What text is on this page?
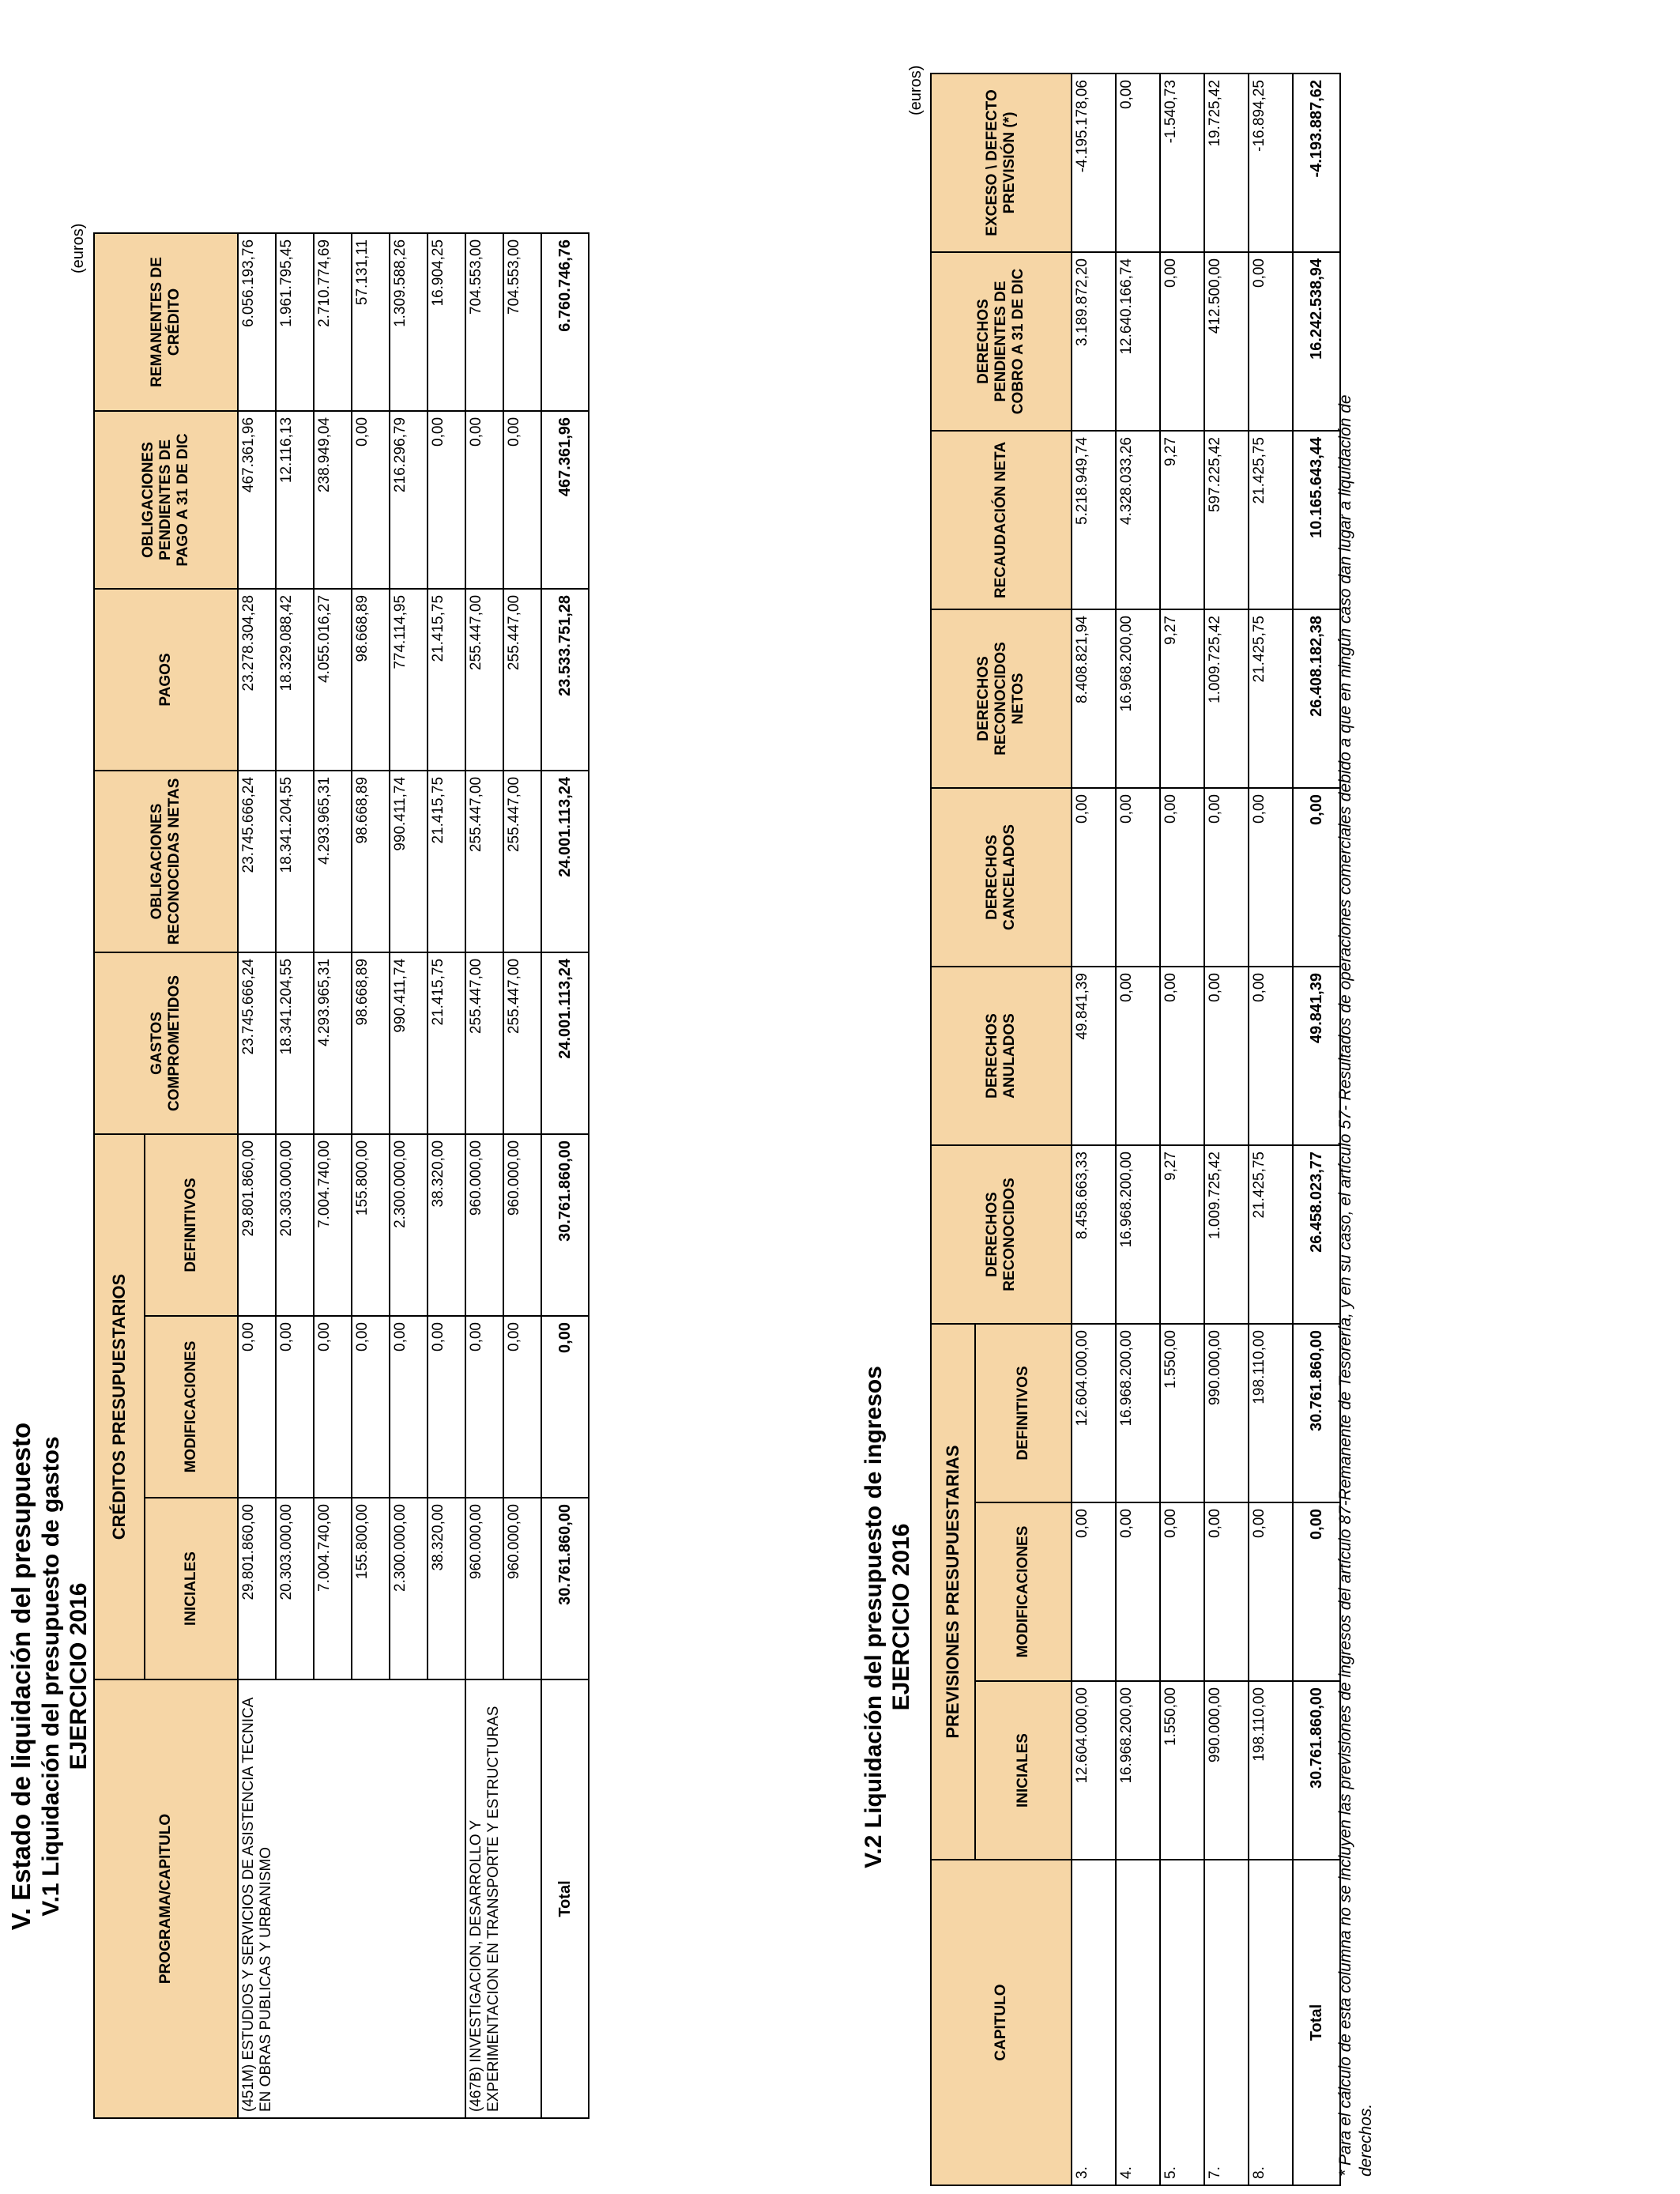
V. Estado de liquidación del presupuesto V.1 Liquidación del presupuesto de gastos EJERCICIO 2016
(euros)
PROGRAMA/CAPITULO	CRÉDITOS PRESUPUESTARIOS			GASTOS COMPROMETIDOS	OBLIGACIONES RECONOCIDAS NETAS	PAGOS	OBLIGACIONES PENDIENTES DE PAGO A 31 DE DIC	REMANENTES DE CRÉDITO
	INICIALES	MODIFICACIONES	DEFINITIVOS					
(451M) ESTUDIOS Y SERVICIOS DE ASISTENCIA TECNICA EN OBRAS PUBLICAS Y URBANISMO	29.801.860,00	0,00	29.801.860,00	23.745.666,24	23.745.666,24	23.278.304,28	467.361,96	6.056.193,76
	20.303.000,00	0,00	20.303.000,00	18.341.204,55	18.341.204,55	18.329.088,42	12.116,13	1.961.795,45
	7.004.740,00	0,00	7.004.740,00	4.293.965,31	4.293.965,31	4.055.016,27	238.949,04	2.710.774,69
	155.800,00	0,00	155.800,00	98.668,89	98.668,89	98.668,89	0,00	57.131,11
	2.300.000,00	0,00	2.300.000,00	990.411,74	990.411,74	774.114,95	216.296,79	1.309.588,26
	38.320,00	0,00	38.320,00	21.415,75	21.415,75	21.415,75	0,00	16.904,25
(467B) INVESTIGACION, DESARROLLO Y EXPERIMENTACION EN TRANSPORTE Y ESTRUCTURAS	960.000,00	0,00	960.000,00	255.447,00	255.447,00	255.447,00	0,00	704.553,00
	960.000,00	0,00	960.000,00	255.447,00	255.447,00	255.447,00	0,00	704.553,00
Total	30.761.860,00	0,00	30.761.860,00	24.001.113,24	24.001.113,24	23.533.751,28	467.361,96	6.760.746,76
V.2 Liquidación del presupuesto de ingresos EJERCICIO 2016
(euros)
CAPITULO	PREVISIONES PRESUPUESTARIAS			DERECHOS RECONOCIDOS	DERECHOS ANULADOS	DERECHOS CANCELADOS	DERECHOS RECONOCIDOS NETOS	RECAUDACIÓN NETA	DERECHOS PENDIENTES DE COBRO A 31 DE DIC	EXCESO \ DEFECTO PREVISIÓN (*)
	INICIALES	MODIFICACIONES	DEFINITIVOS							
3.	12.604.000,00	0,00	12.604.000,00	8.458.663,33	49.841,39	0,00	8.408.821,94	5.218.949,74	3.189.872,20	-4.195.178,06
4.	16.968.200,00	0,00	16.968.200,00	16.968.200,00	0,00	0,00	16.968.200,00	4.328.033,26	12.640.166,74	0,00
5.	1.550,00	0,00	1.550,00	9,27	0,00	0,00	9,27	9,27	0,00	-1.540,73
7.	990.000,00	0,00	990.000,00	1.009.725,42	0,00	0,00	1.009.725,42	597.225,42	412.500,00	19.725,42
8.	198.110,00	0,00	198.110,00	21.425,75	0,00	0,00	21.425,75	21.425,75	0,00	-16.894,25
Total	30.761.860,00	0,00	30.761.860,00	26.458.023,77	49.841,39	0,00	26.408.182,38	10.165.643,44	16.242.538,94	-4.193.887,62
* Para el cálculo de esta columna no se incluyen las previsiones de ingresos del artículo 87-Remanente de Tesorería, y en su caso, el artículo 57- Resultados de operaciones comerciales debido a que en ningún caso dan lugar a liquidación de derechos.
